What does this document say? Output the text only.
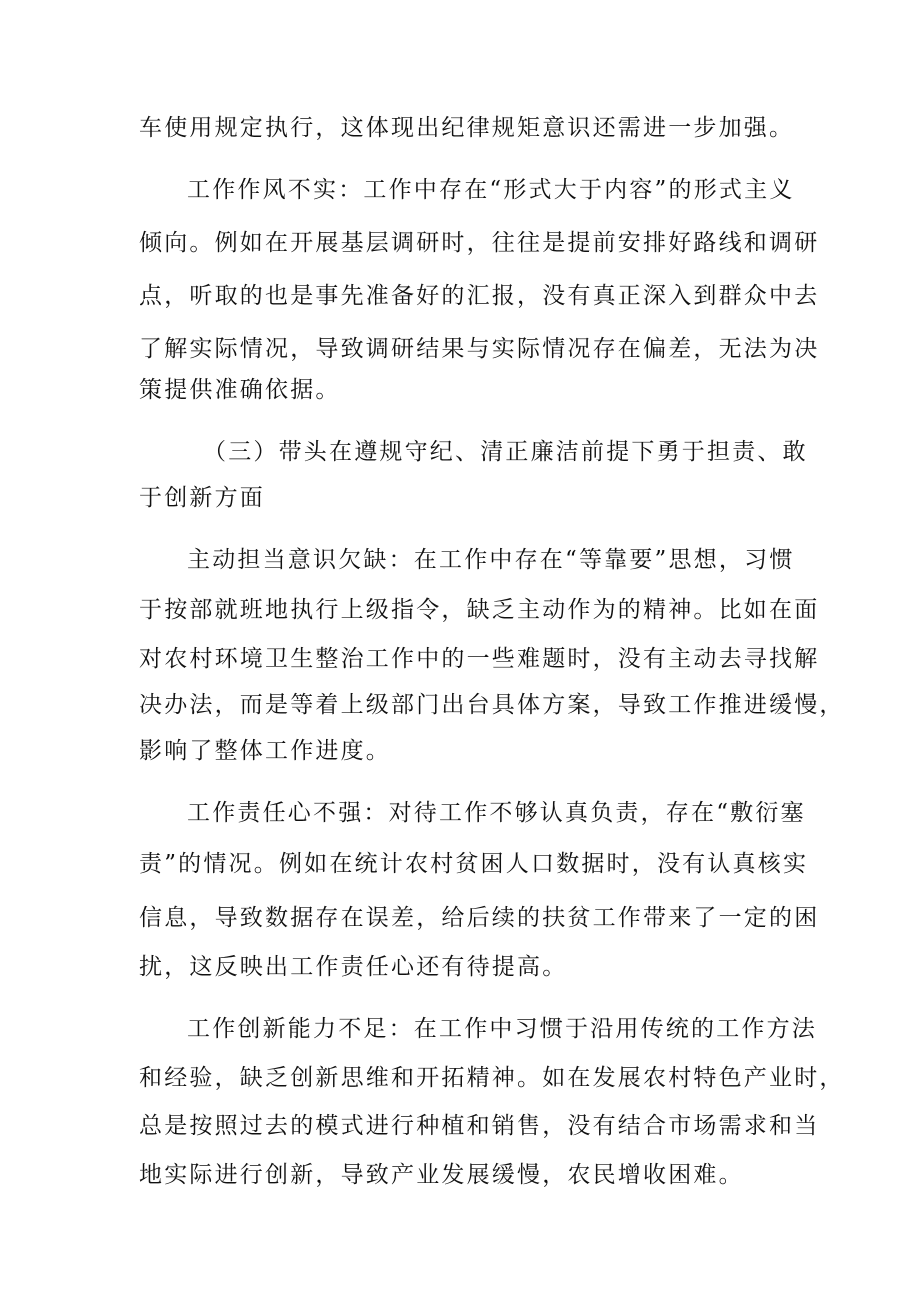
车使用规定执行，这体现出纪律规矩意识还需进一步加强。
工作作风不实：工作中存在“形式大于内容”的形式主义
倾向。例如在开展基层调研时，往往是提前安排好路线和调研
点，听取的也是事先准备好的汇报，没有真正深入到群众中去
了解实际情况，导致调研结果与实际情况存在偏差，无法为决
策提供准确依据。
（三）带头在遵规守纪、清正廉洁前提下勇于担责、敢
于创新方面
主动担当意识欠缺：在工作中存在“等靠要”思想，习惯
于按部就班地执行上级指令，缺乏主动作为的精神。比如在面
对农村环境卫生整治工作中的一些难题时，没有主动去寻找解
决办法，而是等着上级部门出台具体方案，导致工作推进缓慢，
影响了整体工作进度。
工作责任心不强：对待工作不够认真负责，存在“敷衍塞
责”的情况。例如在统计农村贫困人口数据时，没有认真核实
信息，导致数据存在误差，给后续的扶贫工作带来了一定的困
扰，这反映出工作责任心还有待提高。
工作创新能力不足：在工作中习惯于沿用传统的工作方法
和经验，缺乏创新思维和开拓精神。如在发展农村特色产业时，
总是按照过去的模式进行种植和销售，没有结合市场需求和当
地实际进行创新，导致产业发展缓慢，农民增收困难。
